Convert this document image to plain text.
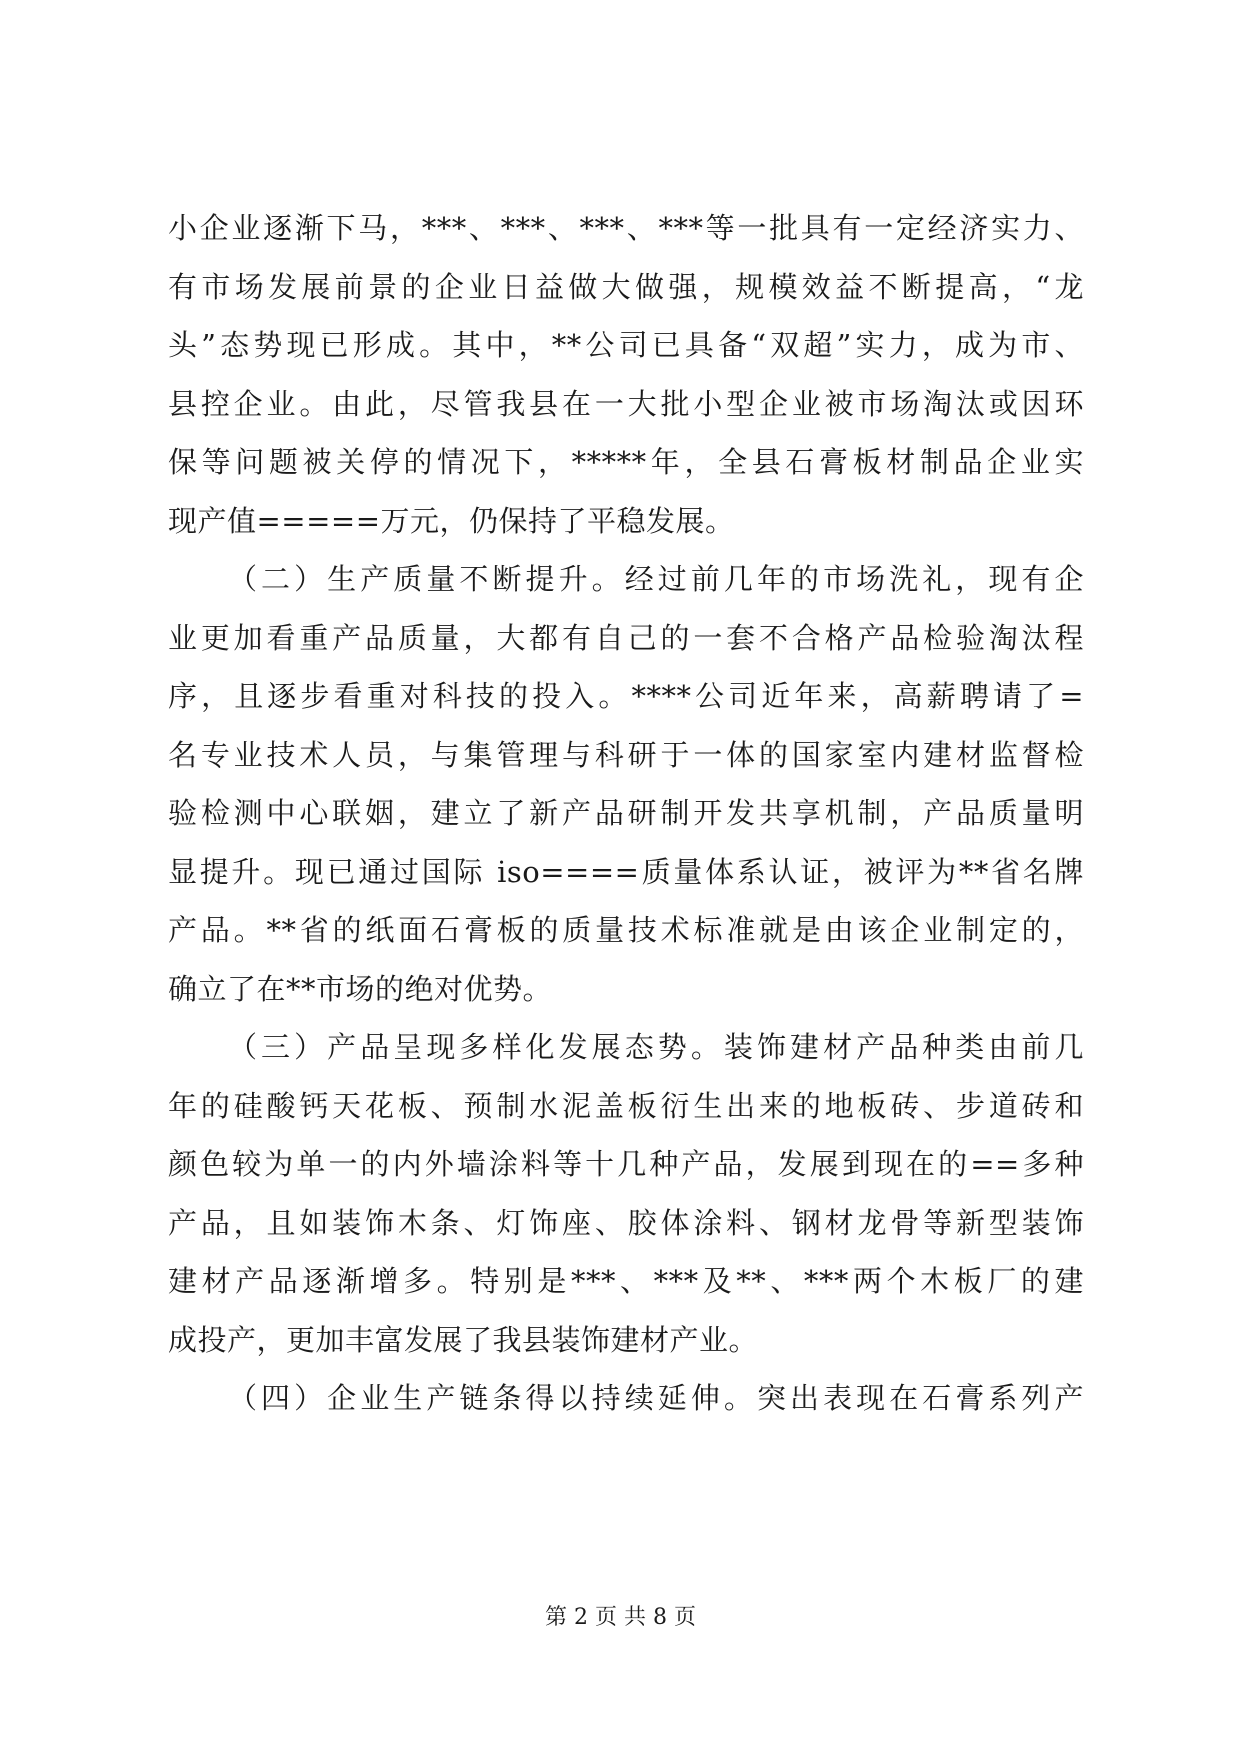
小企业逐渐下马，***、***、***、***等一批具有一定经济实力、
有市场发展前景的企业日益做大做强，规模效益不断提高，“龙
头”态势现已形成。其中，**公司已具备“双超”实力，成为市、
县控企业。由此，尽管我县在一大批小型企业被市场淘汰或因环
保等问题被关停的情况下，*****年，全县石膏板材制品企业实
现产值=====万元，仍保持了平稳发展。
（二）生产质量不断提升。经过前几年的市场洗礼，现有企
业更加看重产品质量，大都有自己的一套不合格产品检验淘汰程
序，且逐步看重对科技的投入。****公司近年来，高薪聘请了=
名专业技术人员，与集管理与科研于一体的国家室内建材监督检
验检测中心联姻，建立了新产品研制开发共享机制，产品质量明
显提升。现已通过国际 iso====质量体系认证，被评为**省名牌
产品。**省的纸面石膏板的质量技术标准就是由该企业制定的，
确立了在**市场的绝对优势。
（三）产品呈现多样化发展态势。装饰建材产品种类由前几
年的硅酸钙天花板、预制水泥盖板衍生出来的地板砖、步道砖和
颜色较为单一的内外墙涂料等十几种产品，发展到现在的==多种
产品，且如装饰木条、灯饰座、胶体涂料、钢材龙骨等新型装饰
建材产品逐渐增多。特别是***、***及**、***两个木板厂的建
成投产，更加丰富发展了我县装饰建材产业。
（四）企业生产链条得以持续延伸。突出表现在石膏系列产
第 2 页 共 8 页
